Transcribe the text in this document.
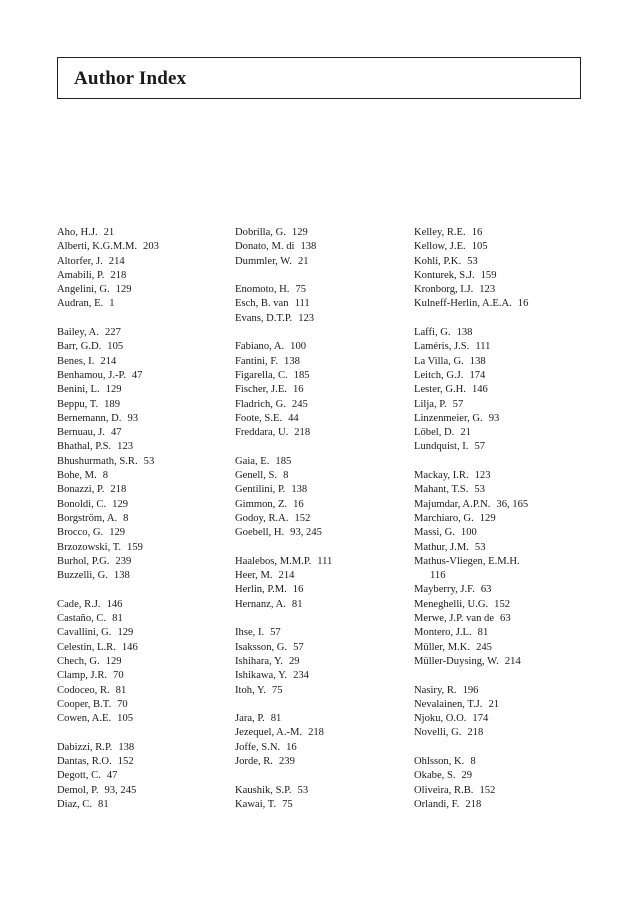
Author Index
Aho, H.J. 21
Alberti, K.G.M.M. 203
Altorfer, J. 214
Amabili, P. 218
Angelini, G. 129
Audran, E. 1
Bailey, A. 227
Barr, G.D. 105
Benes, I. 214
Benhamou, J.-P. 47
Benini, L. 129
Beppu, T. 189
Bernemann, D. 93
Bernuau, J. 47
Bhathal, P.S. 123
Bhushurmath, S.R. 53
Bohe, M. 8
Bonazzi, P. 218
Bonoldi, C. 129
Borgström, A. 8
Brocco, G. 129
Brzozowski, T. 159
Burhol, P.G. 239
Buzzelli, G. 138
Cade, R.J. 146
Castaño, C. 81
Cavallini, G. 129
Celestin, L.R. 146
Chech, G. 129
Clamp, J.R. 70
Codoceo, R. 81
Cooper, B.T. 70
Cowen, A.E. 105
Dabizzi, R.P. 138
Dantas, R.O. 152
Degott, C. 47
Demol, P. 93, 245
Diaz, C. 81
Dobrilla, G. 129
Donato, M. di 138
Dummler, W. 21
Enomoto, H. 75
Esch, B. van 111
Evans, D.T.P. 123
Fabiano, A. 100
Fantini, F. 138
Figarella, C. 185
Fischer, J.E. 16
Fladrich, G. 245
Foote, S.E. 44
Freddara, U. 218
Gaia, E. 185
Genell, S. 8
Gentilini, P. 138
Gimmon, Z. 16
Godoy, R.A. 152
Goebell, H. 93, 245
Haalebos, M.M.P. 111
Heer, M. 214
Herlin, P.M. 16
Hernanz, A. 81
Ihse, I. 57
Isaksson, G. 57
Ishihara, Y. 29
Ishikawa, Y. 234
Itoh, Y. 75
Jara, P. 81
Jezequel, A.-M. 218
Joffe, S.N. 16
Jorde, R. 239
Kaushik, S.P. 53
Kawai, T. 75
Kelley, R.E. 16
Kellow, J.E. 105
Kohli, P.K. 53
Konturek, S.J. 159
Kronborg, I.J. 123
Kulneff-Herlin, A.E.A. 16
Laffi, G. 138
Laméris, J.S. 111
La Villa, G. 138
Leitch, G.J. 174
Lester, G.H. 146
Lilja, P. 57
Linzenmeier, G. 93
Löbel, D. 21
Lundquist, I. 57
Mackay, I.R. 123
Mahant, T.S. 53
Majumdar, A.P.N. 36, 165
Marchiaro, G. 129
Massi, G. 100
Mathur, J.M. 53
Mathus-Vliegen, E.M.H.
116
Mayberry, J.F. 63
Meneghelli, U.G. 152
Merwe, J.P. van de 63
Montero, J.L. 81
Müller, M.K. 245
Müller-Duysing, W. 214
Nasiry, R. 196
Nevalainen, T.J. 21
Njoku, O.O. 174
Novelli, G. 218
Ohlsson, K. 8
Okabe, S. 29
Oliveira, R.B. 152
Orlandi, F. 218
